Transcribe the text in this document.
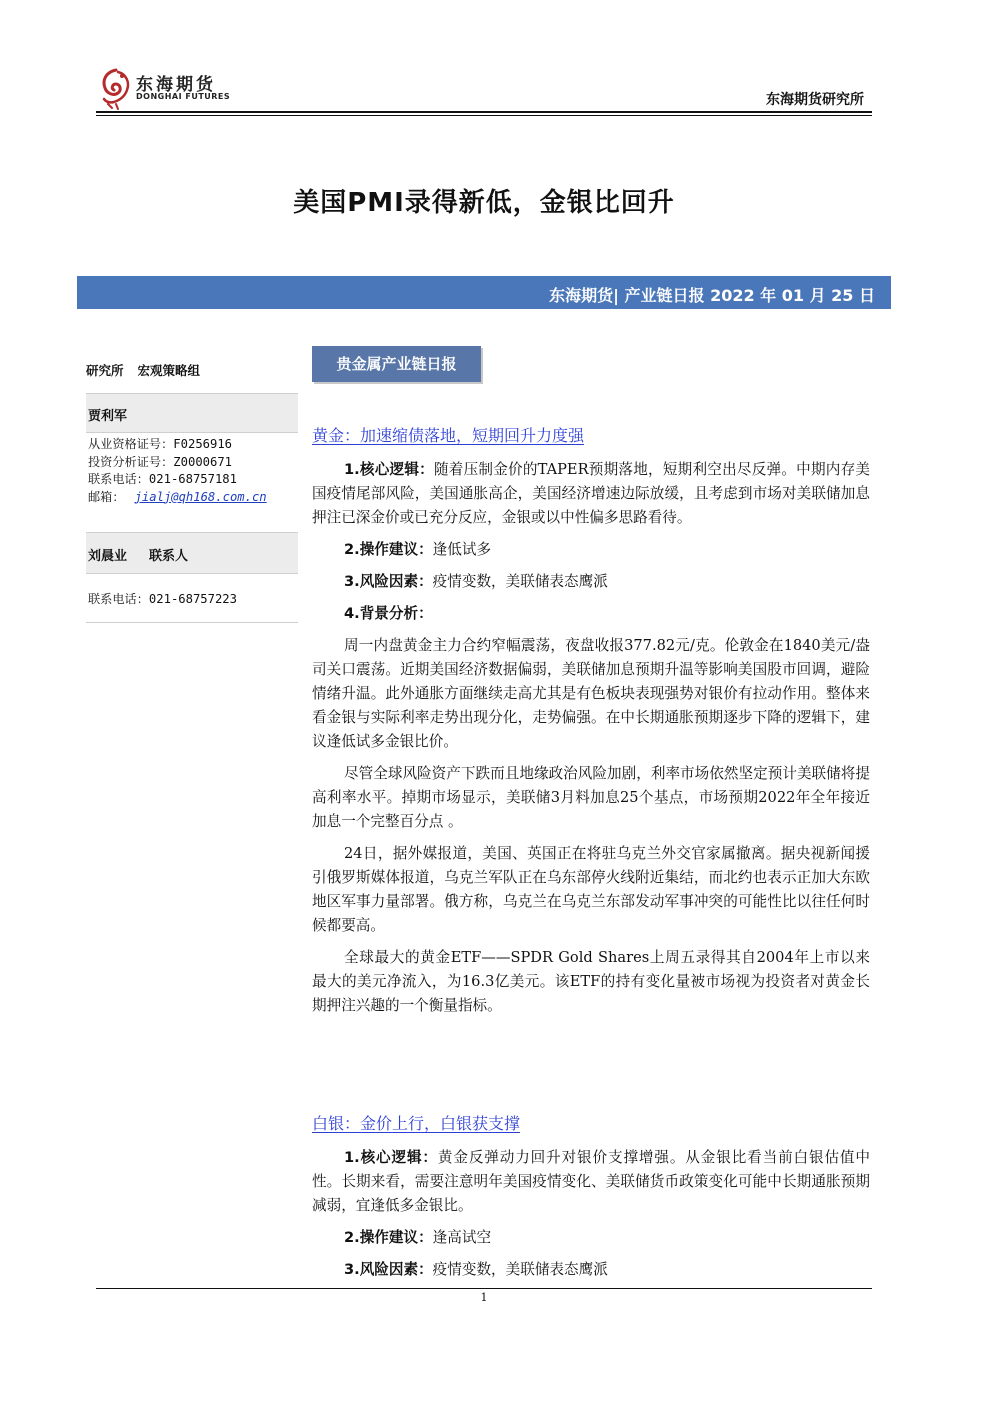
东海期货
DONGHAI FUTURES	东海期货研究所
美国PMI录得新低，金银比回升
东海期货| 产业链日报 2022 年 01 月 25 日
研究所 宏观策略组
贾利军
从业资格证号：F0256916
投资分析证号：Z0000671
联系电话：021-68757181
邮箱： jialj@qh168.com.cn
刘晨业 联系人
联系电话：021-68757223
贵金属产业链日报
黄金：加速缩债落地，短期回升力度强

1.核心逻辑：随着压制金价的TAPER预期落地，短期利空出尽反弹。中期内存美国疫情尾部风险，美国通胀高企，美国经济增速边际放缓，且考虑到市场对美联储加息押注已深金价或已充分反应，金银或以中性偏多思路看待。

2.操作建议：逢低试多

3.风险因素：疫情变数，美联储表态鹰派

4.背景分析：

周一内盘黄金主力合约窄幅震荡，夜盘收报377.82元/克。伦敦金在1840美元/盎司关口震荡。近期美国经济数据偏弱，美联储加息预期升温等影响美国股市回调，避险情绪升温。此外通胀方面继续走高尤其是有色板块表现强势对银价有拉动作用。整体来看金银与实际利率走势出现分化，走势偏强。在中长期通胀预期逐步下降的逻辑下，建议逢低试多金银比价。

尽管全球风险资产下跌而且地缘政治风险加剧，利率市场依然坚定预计美联储将提高利率水平。掉期市场显示，美联储3月料加息25个基点，市场预期2022年全年接近加息一个完整百分点 。

24日，据外媒报道，美国、英国正在将驻乌克兰外交官家属撤离。据央视新闻援引俄罗斯媒体报道，乌克兰军队正在乌东部停火线附近集结，而北约也表示正加大东欧地区军事力量部署。俄方称，乌克兰在乌克兰东部发动军事冲突的可能性比以往任何时候都要高。

全球最大的黄金ETF——SPDR Gold Shares上周五录得其自2004年上市以来最大的美元净流入，为16.3亿美元。该ETF的持有变化量被市场视为投资者对黄金长期押注兴趣的一个衡量指标。

白银：金价上行，白银获支撑

1.核心逻辑：黄金反弹动力回升对银价支撑增强。从金银比看当前白银估值中性。长期来看，需要注意明年美国疫情变化、美联储货币政策变化可能中长期通胀预期减弱，宜逢低多金银比。

2.操作建议：逢高试空

3.风险因素：疫情变数，美联储表态鹰派

1
